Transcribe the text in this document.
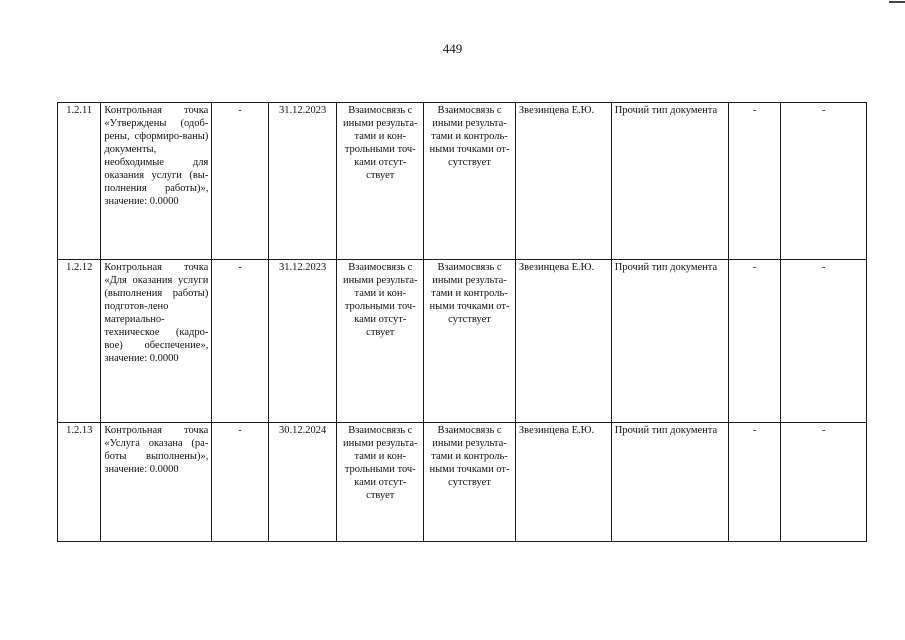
449
1.2.11	Контрольная точка «Утверждены (одоб-рены, сформиро-ваны) документы, необходимые для оказания услуги (вы-полнения работы)», значение: 0.0000	-	31.12.2023	Взаимосвязь с иными результа-тами и кон-трольными точ-ками отсут-ствует	Взаимосвязь с иными результа-тами и контроль-ными точками от-сутствует	Звезинцева Е.Ю.	Прочий тип документа	-	-
1.2.12	Контрольная точка «Для оказания услуги (выполнения работы) подготов-лено материально-техническое (кадро-вое) обеспечение», значение: 0.0000	-	31.12.2023	Взаимосвязь с иными результа-тами и кон-трольными точ-ками отсут-ствует	Взаимосвязь с иными результа-тами и контроль-ными точками от-сутствует	Звезинцева Е.Ю.	Прочий тип документа	-	-
1.2.13	Контрольная точка «Услуга оказана (ра-боты выполнены)», значение: 0.0000	-	30.12.2024	Взаимосвязь с иными результа-тами и кон-трольными точ-ками отсут-ствует	Взаимосвязь с иными результа-тами и контроль-ными точками от-сутствует	Звезинцева Е.Ю.	Прочий тип документа	-	-
